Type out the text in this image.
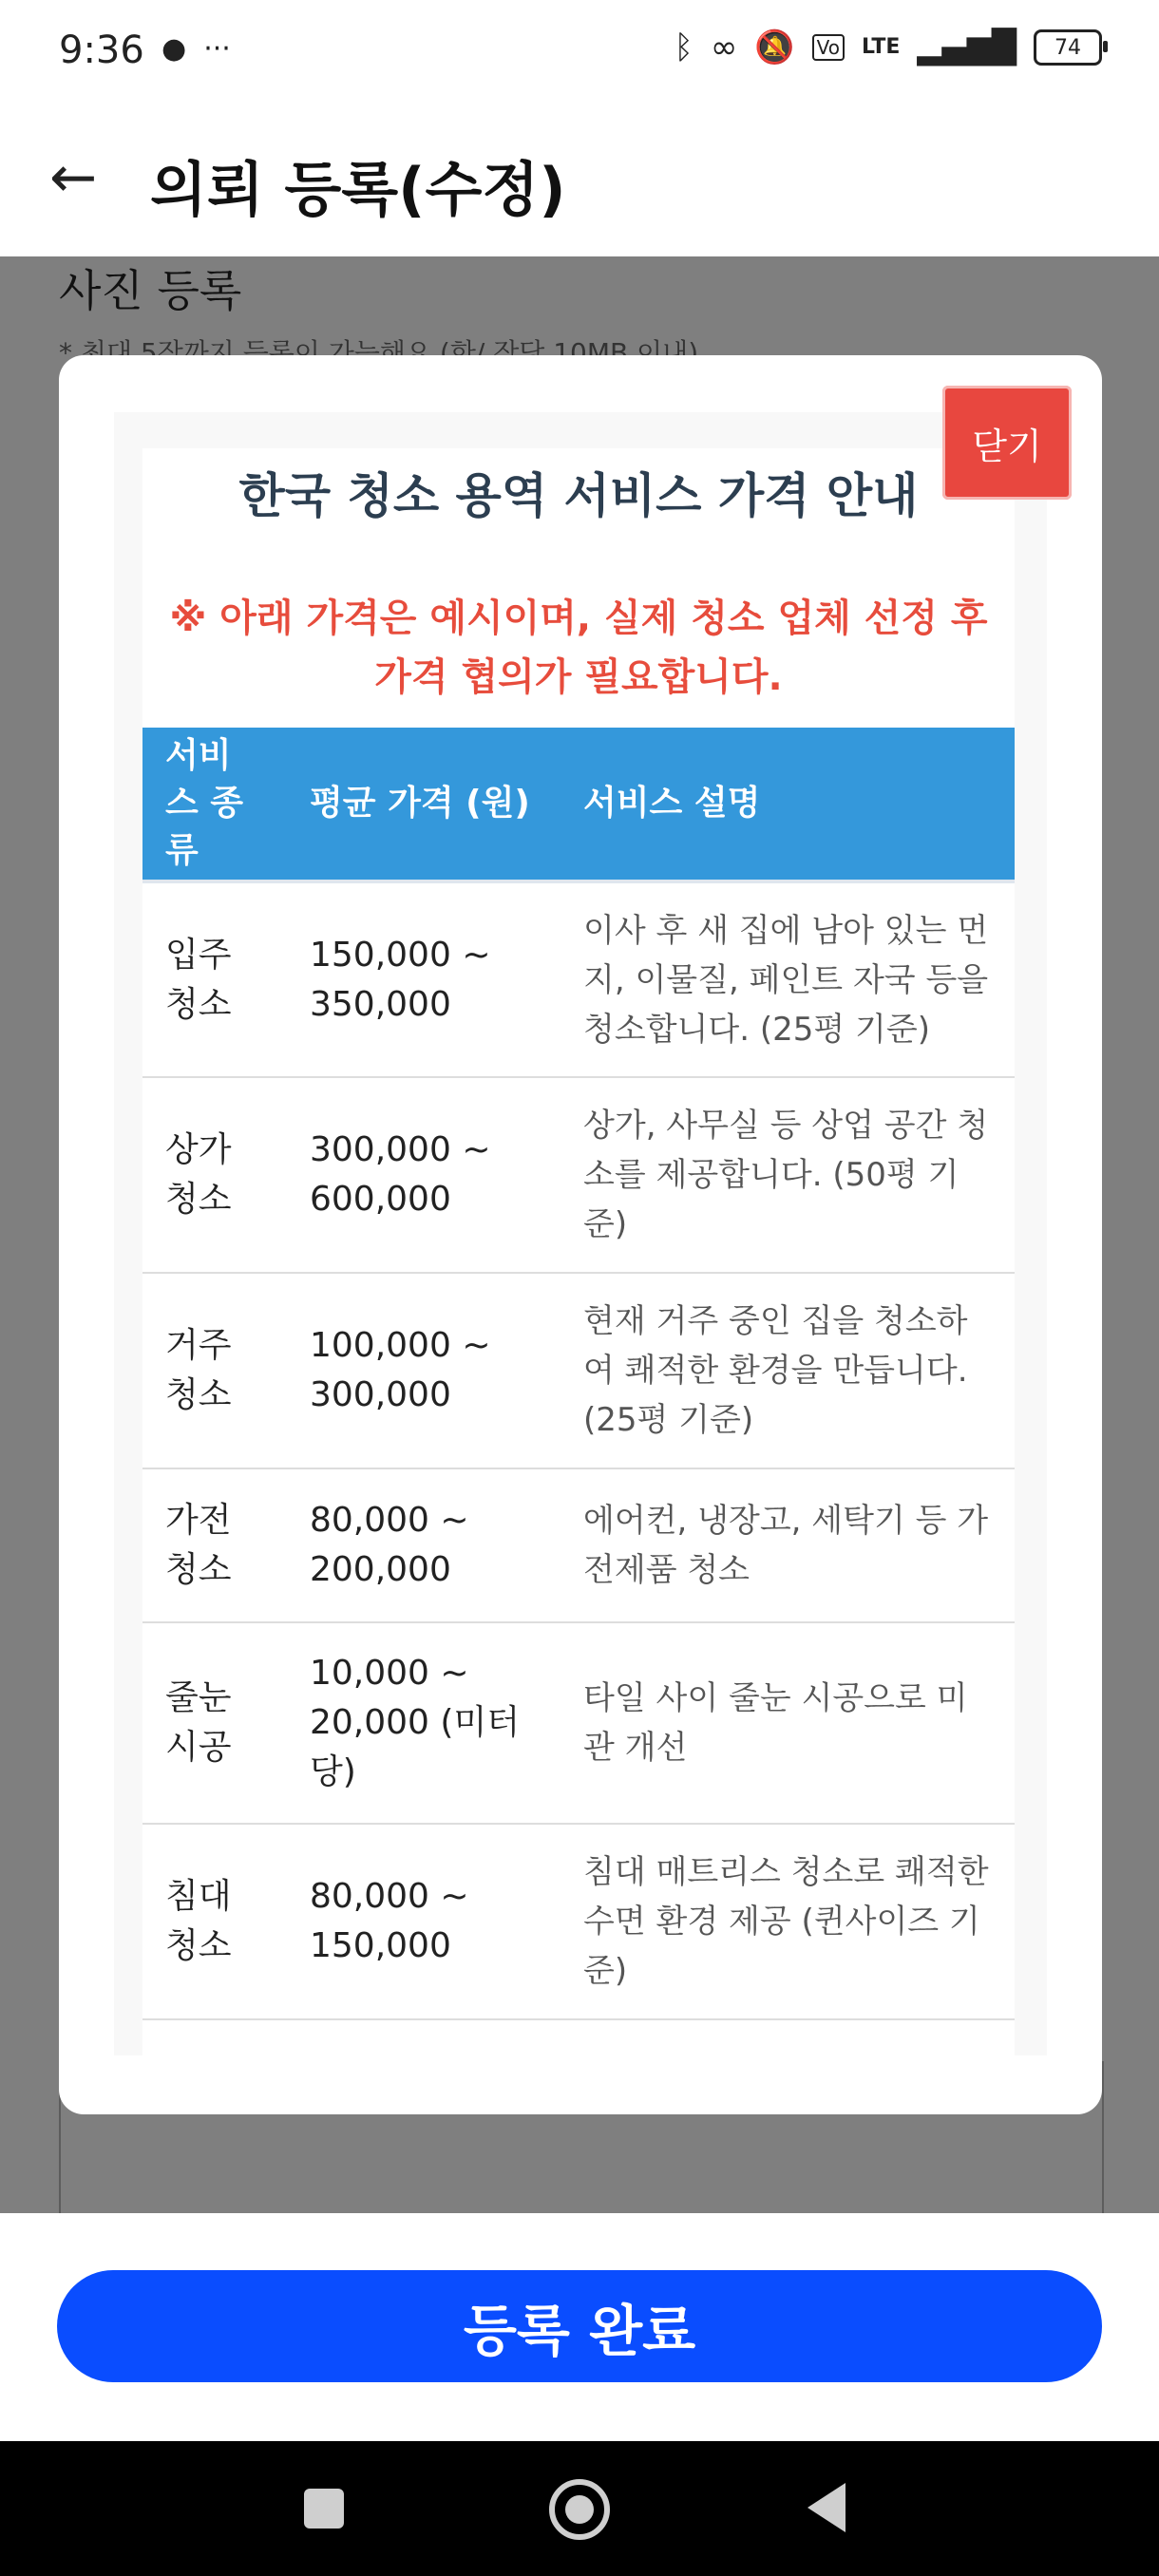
9:36 ● ···	ᛒ ∞ 🔕 Vo LTE ▂▄▆█ 74
← 의뢰 등록(수정)
한국 청소 용역 서비스 가격 안내
※ 아래 가격은 예시이며, 실제 청소 업체 선정 후 가격 협의가 필요합니다.
서비스 종류	평균 가격 (원)	서비스 설명
입주 청소	150,000 ~ 350,000	이사 후 새 집에 남아 있는 먼지, 이물질, 페인트 자국 등을 청소합니다. (25평 기준)
상가 청소	300,000 ~ 600,000	상가, 사무실 등 상업 공간 청소를 제공합니다. (50평 기준)
거주 청소	100,000 ~ 300,000	현재 거주 중인 집을 청소하여 쾌적한 환경을 만듭니다. (25평 기준)
가전 청소	80,000 ~ 200,000	에어컨, 냉장고, 세탁기 등 가전제품 청소
줄눈 시공	10,000 ~ 20,000 (미터당)	타일 사이 줄눈 시공으로 미관 개선
침대 청소	80,000 ~ 150,000	침대 매트리스 청소로 쾌적한 수면 환경 제공 (퀸사이즈 기준)
닫기
등록 완료
